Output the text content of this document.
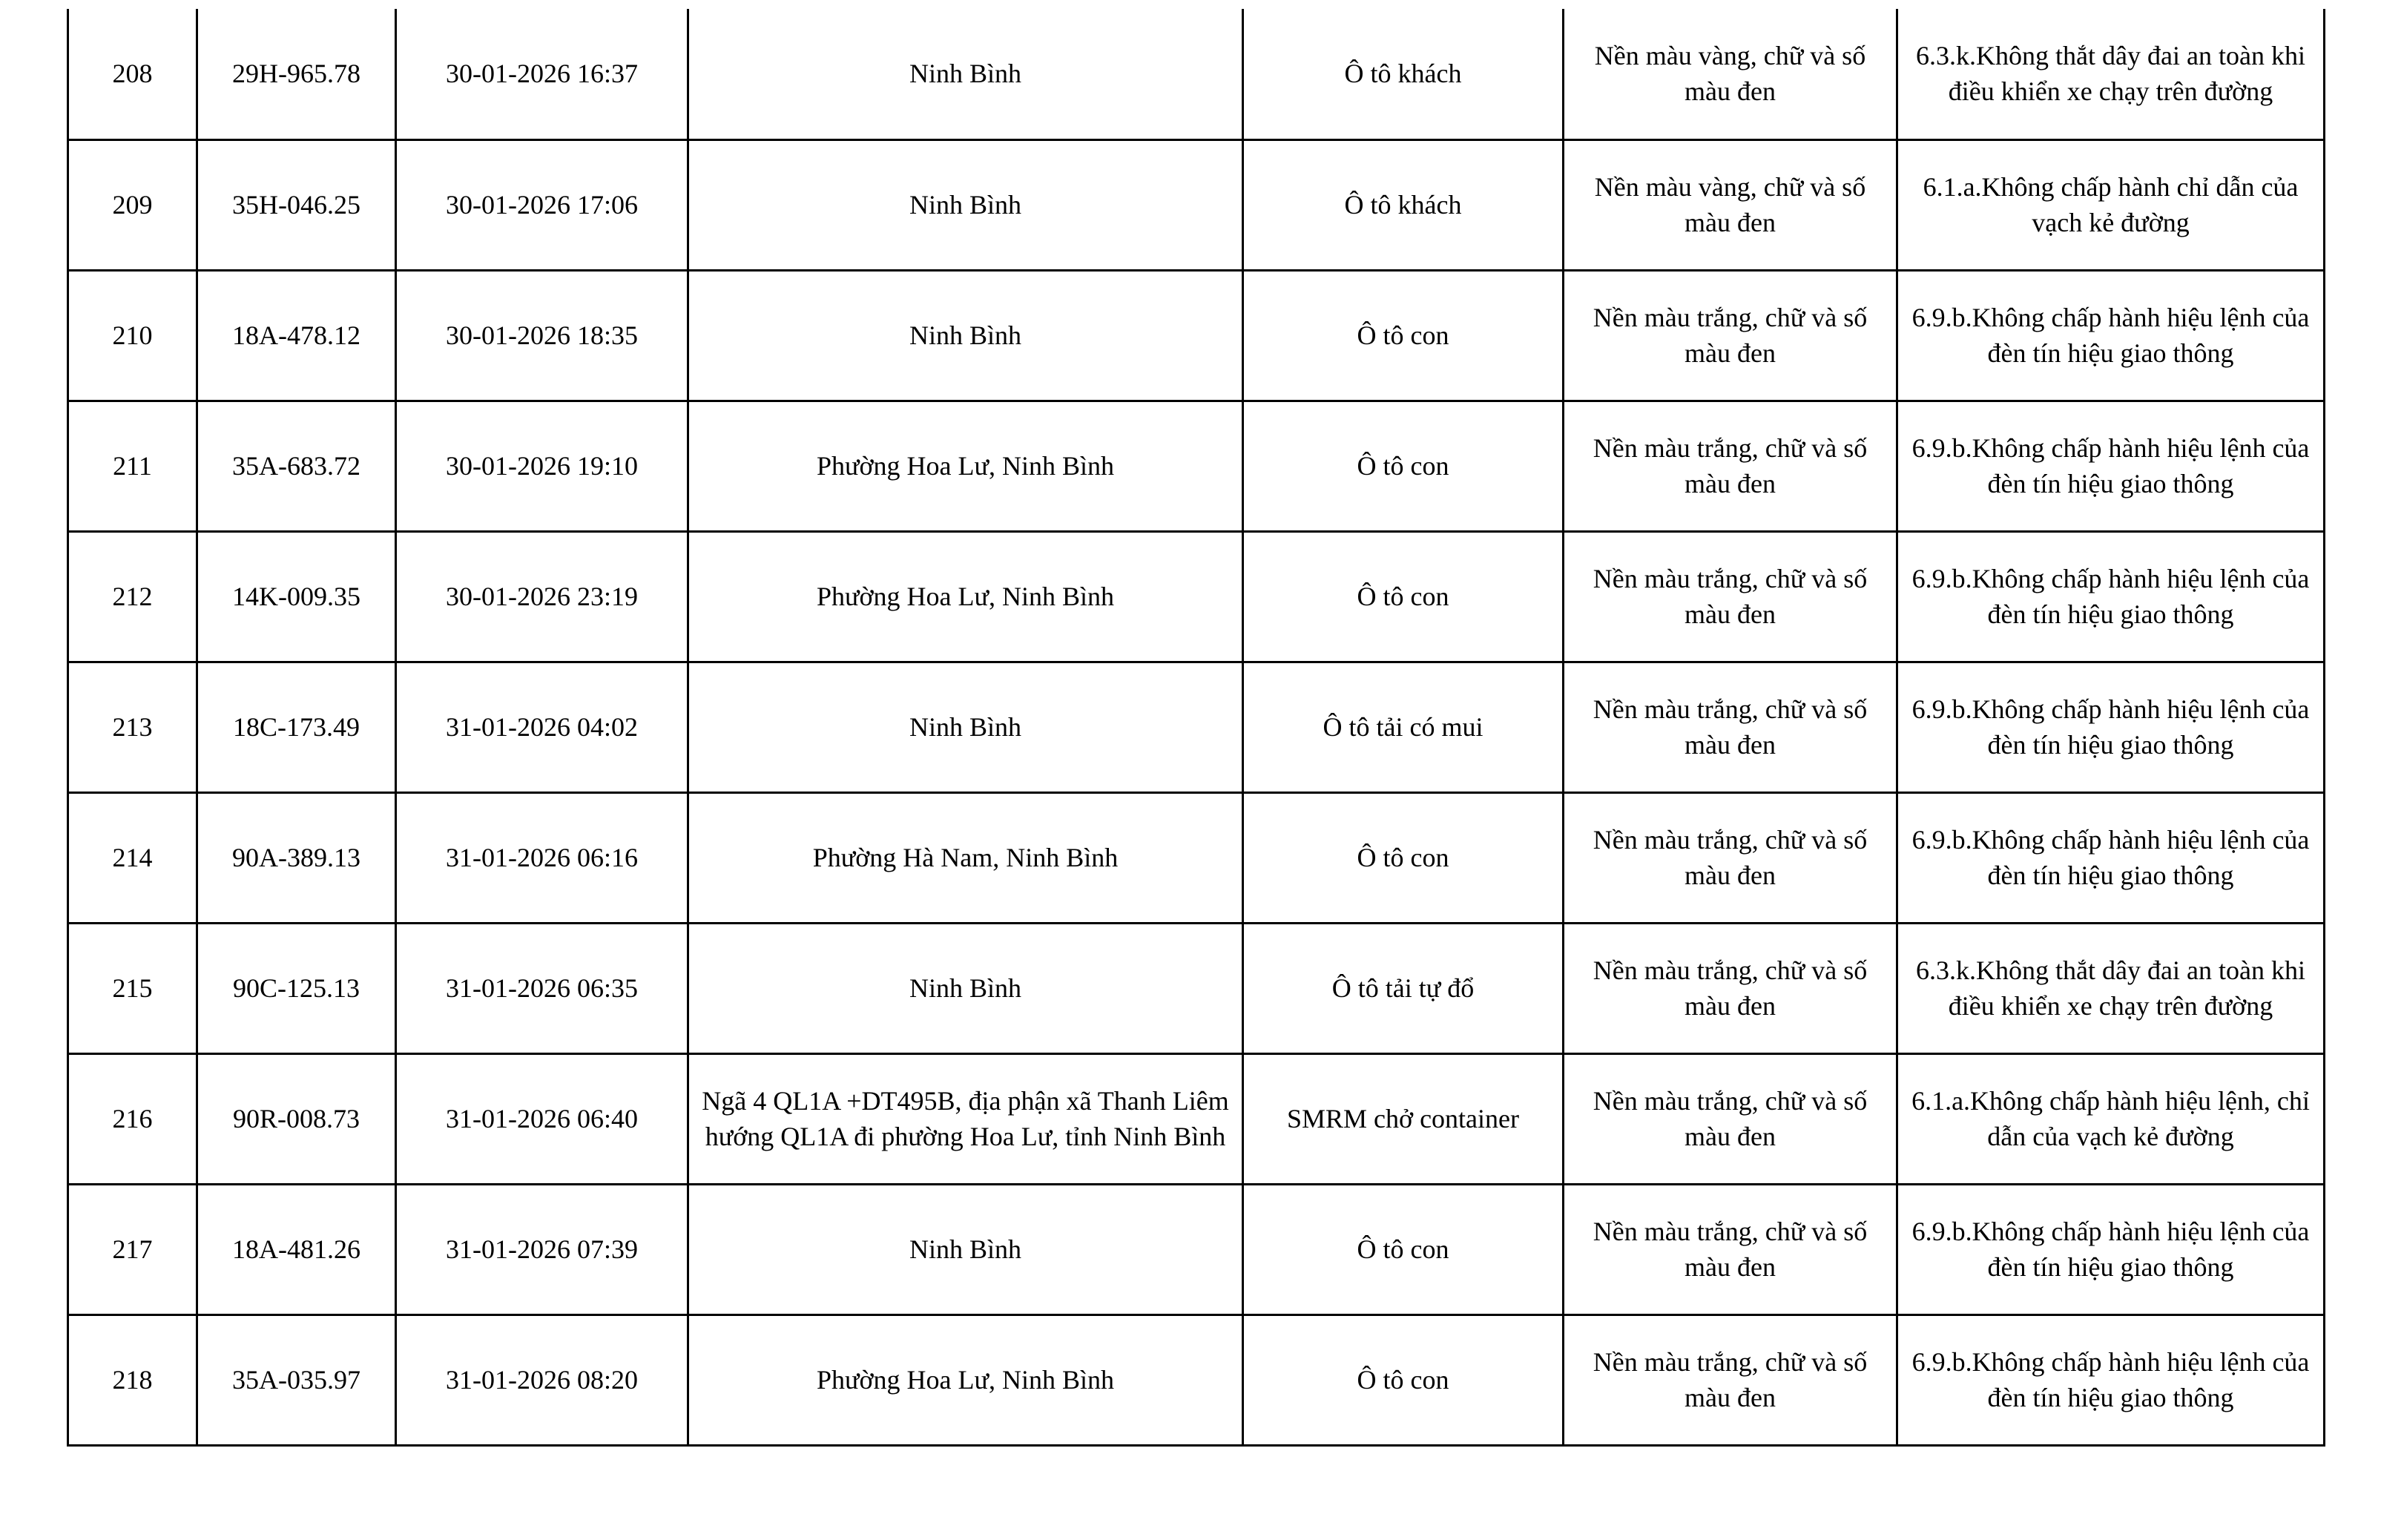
208	29H-965.78	30-01-2026 16:37	Ninh Bình	Ô tô khách	Nền màu vàng, chữ và số màu đen	6.3.k.Không thắt dây đai an toàn khi điều khiển xe chạy trên đường
209	35H-046.25	30-01-2026 17:06	Ninh Bình	Ô tô khách	Nền màu vàng, chữ và số màu đen	6.1.a.Không chấp hành chỉ dẫn của vạch kẻ đường
210	18A-478.12	30-01-2026 18:35	Ninh Bình	Ô tô con	Nền màu trắng, chữ và số màu đen	6.9.b.Không chấp hành hiệu lệnh của đèn tín hiệu giao thông
211	35A-683.72	30-01-2026 19:10	Phường Hoa Lư, Ninh Bình	Ô tô con	Nền màu trắng, chữ và số màu đen	6.9.b.Không chấp hành hiệu lệnh của đèn tín hiệu giao thông
212	14K-009.35	30-01-2026 23:19	Phường Hoa Lư, Ninh Bình	Ô tô con	Nền màu trắng, chữ và số màu đen	6.9.b.Không chấp hành hiệu lệnh của đèn tín hiệu giao thông
213	18C-173.49	31-01-2026 04:02	Ninh Bình	Ô tô tải có mui	Nền màu trắng, chữ và số màu đen	6.9.b.Không chấp hành hiệu lệnh của đèn tín hiệu giao thông
214	90A-389.13	31-01-2026 06:16	Phường Hà Nam, Ninh Bình	Ô tô con	Nền màu trắng, chữ và số màu đen	6.9.b.Không chấp hành hiệu lệnh của đèn tín hiệu giao thông
215	90C-125.13	31-01-2026 06:35	Ninh Bình	Ô tô tải tự đổ	Nền màu trắng, chữ và số màu đen	6.3.k.Không thắt dây đai an toàn khi điều khiển xe chạy trên đường
216	90R-008.73	31-01-2026 06:40	Ngã 4 QL1A +DT495B, địa phận xã Thanh Liêm hướng QL1A đi phường Hoa Lư, tỉnh Ninh Bình	SMRM chở container	Nền màu trắng, chữ và số màu đen	6.1.a.Không chấp hành hiệu lệnh, chỉ dẫn của vạch kẻ đường
217	18A-481.26	31-01-2026 07:39	Ninh Bình	Ô tô con	Nền màu trắng, chữ và số màu đen	6.9.b.Không chấp hành hiệu lệnh của đèn tín hiệu giao thông
218	35A-035.97	31-01-2026 08:20	Phường Hoa Lư, Ninh Bình	Ô tô con	Nền màu trắng, chữ và số màu đen	6.9.b.Không chấp hành hiệu lệnh của đèn tín hiệu giao thông
